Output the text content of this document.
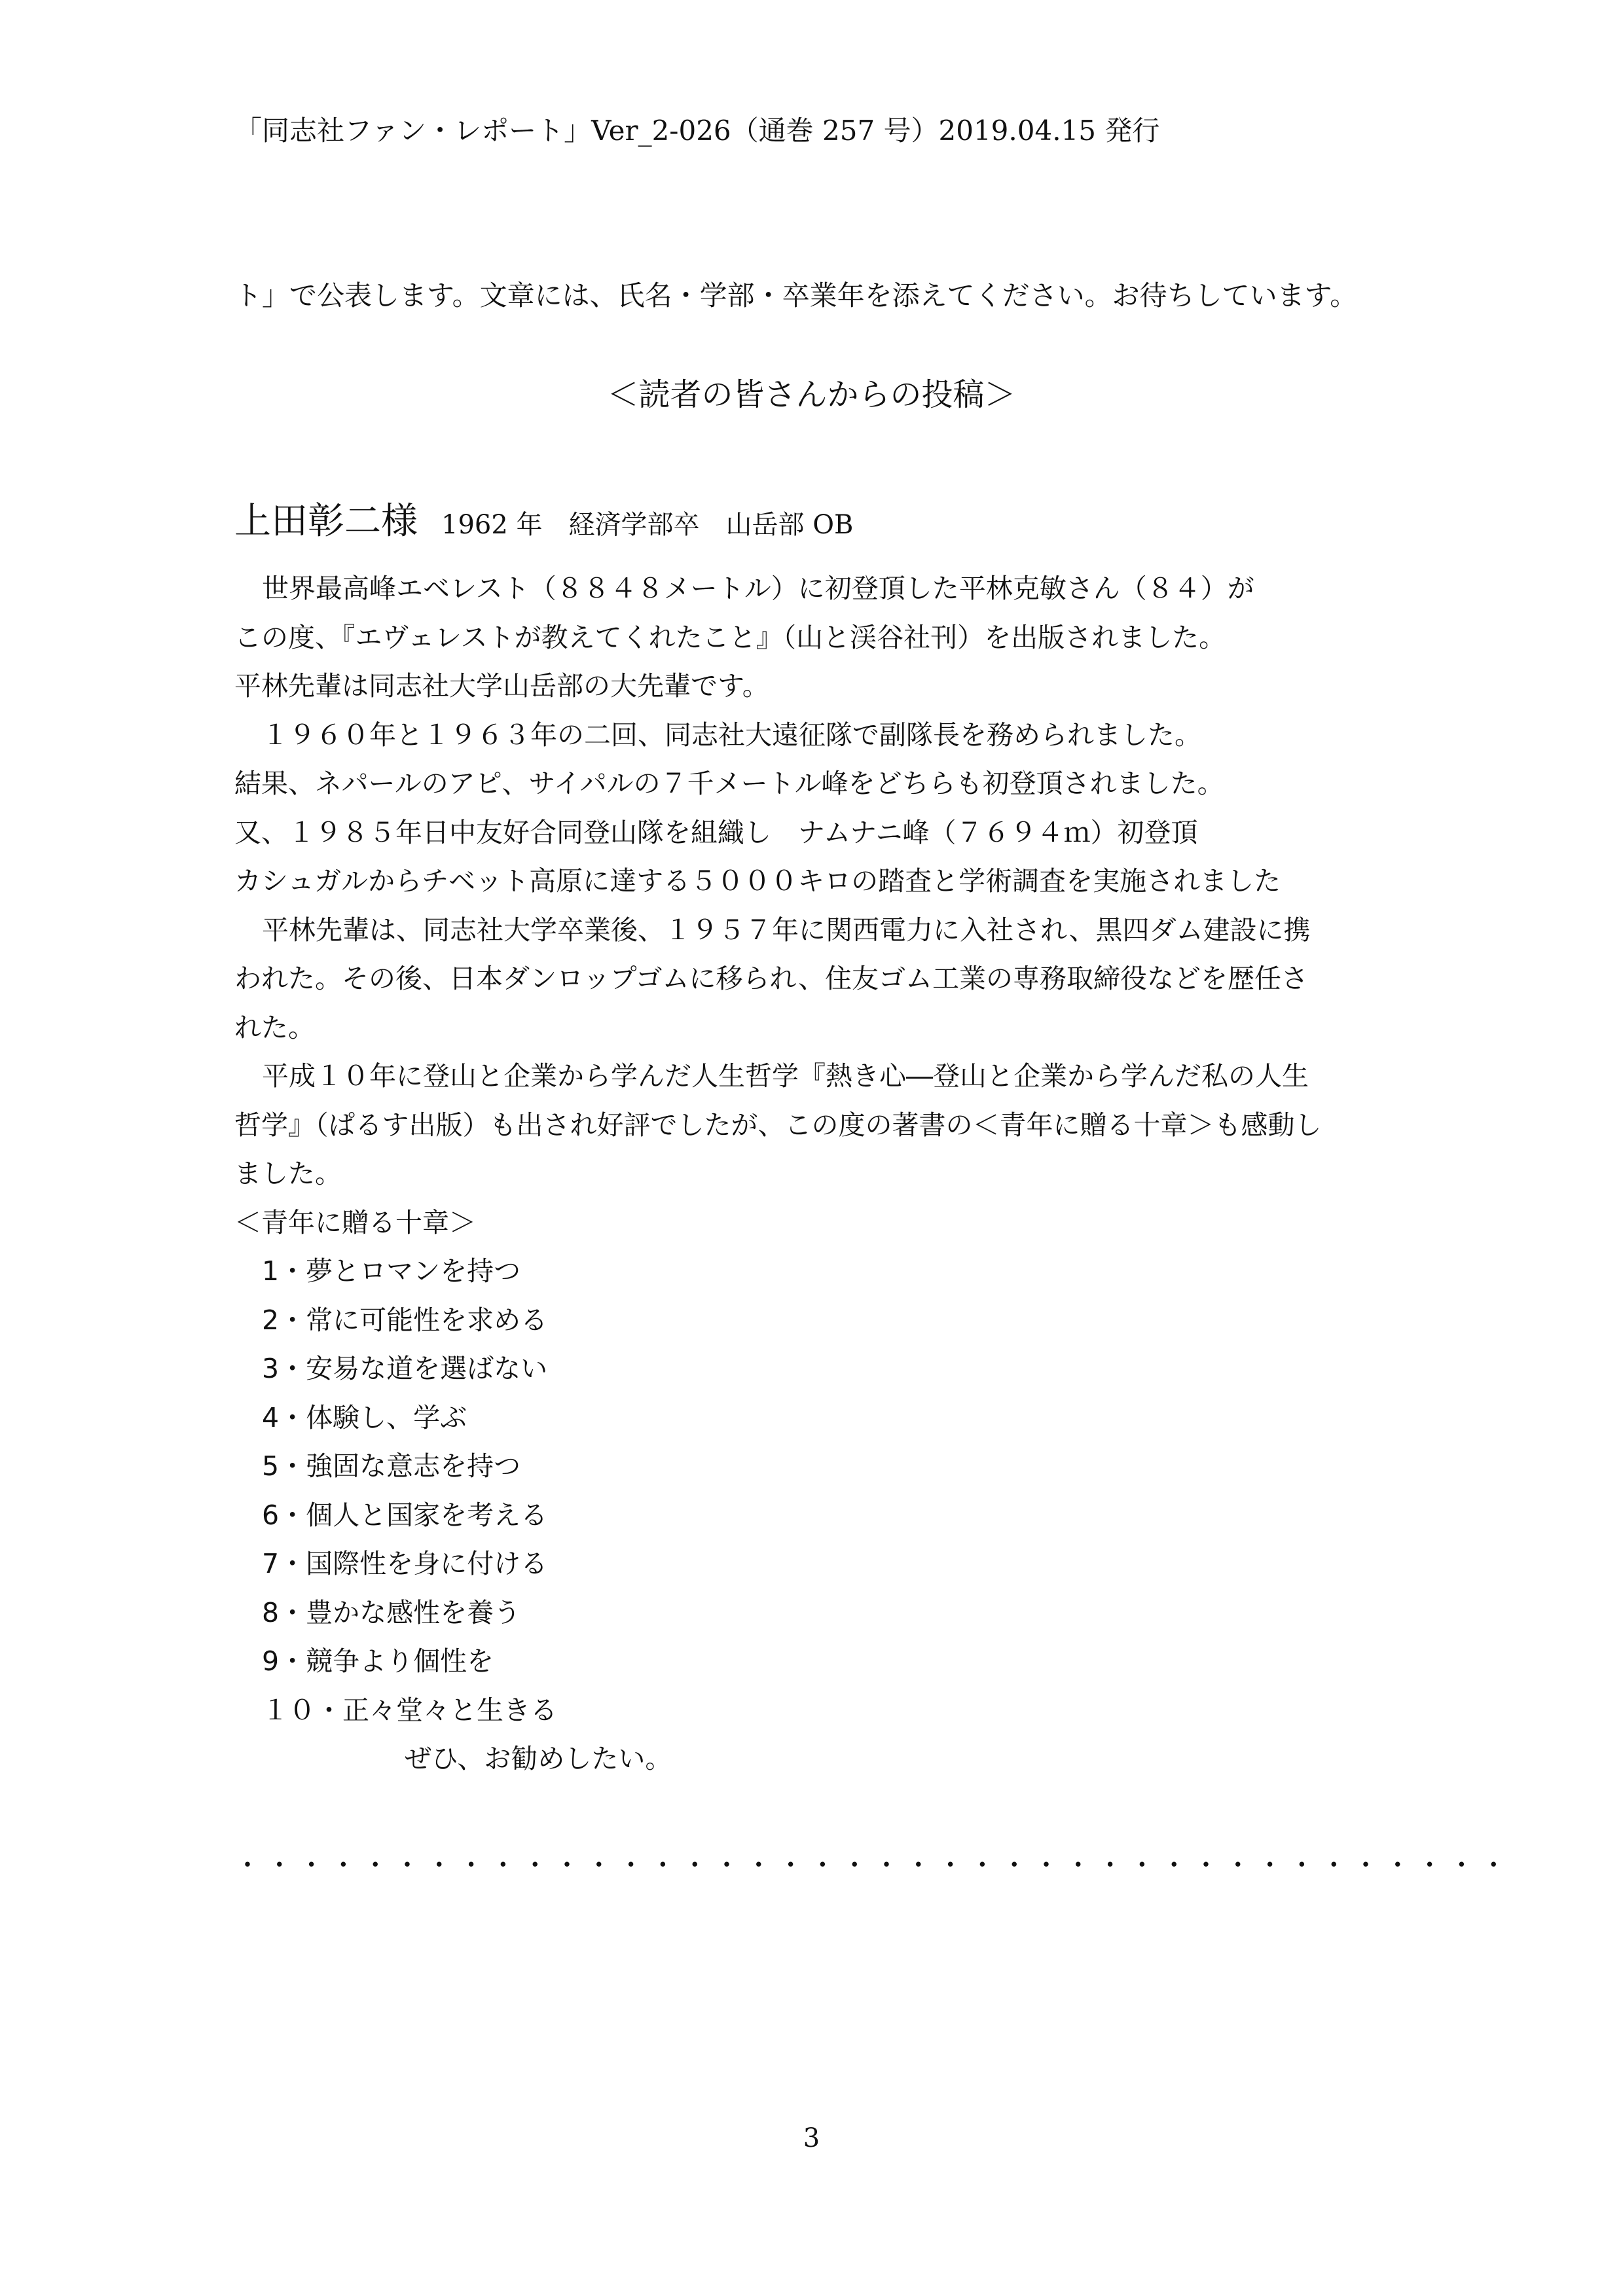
「同志社ファン・レポート」Ver_2-026（通巻 257 号）2019.04.15 発行
ト」で公表します。文章には、氏名・学部・卒業年を添えてください。お待ちしています。
＜読者の皆さんからの投稿＞
上田彰二様 1962 年　経済学部卒　山岳部 OB
世界最高峰エベレスト（８８４８メートル）に初登頂した平林克敏さん（８４）が
この度、『エヴェレストが教えてくれたこと』（山と渓谷社刊）を出版されました。
平林先輩は同志社大学山岳部の大先輩です。
１９６０年と１９６３年の二回、同志社大遠征隊で副隊長を務められました。
結果、ネパールのアピ、サイパルの７千メートル峰をどちらも初登頂されました。
又、１９８５年日中友好合同登山隊を組織し　ナムナニ峰（７６９４ｍ）初登頂
カシュガルからチベット高原に達する５０００キロの踏査と学術調査を実施されました
平林先輩は、同志社大学卒業後、１９５７年に関西電力に入社され、黒四ダム建設に携
われた。その後、日本ダンロップゴムに移られ、住友ゴム工業の専務取締役などを歴任さ
れた。
平成１０年に登山と企業から学んだ人生哲学『熱き心―登山と企業から学んだ私の人生
哲学』（ぱるす出版）も出され好評でしたが、この度の著書の＜青年に贈る十章＞も感動し
ました。
＜青年に贈る十章＞
1・夢とロマンを持つ
2・常に可能性を求める
3・安易な道を選ばない
4・体験し、学ぶ
5・強固な意志を持つ
6・個人と国家を考える
7・国際性を身に付ける
8・豊かな感性を養う
9・競争より個性を
１０・正々堂々と生きる
ぜひ、お勧めしたい。
・・・・・・・・・・・・・・・・・・・・・・・・・・・・・・・・・・・・・・・・
3
